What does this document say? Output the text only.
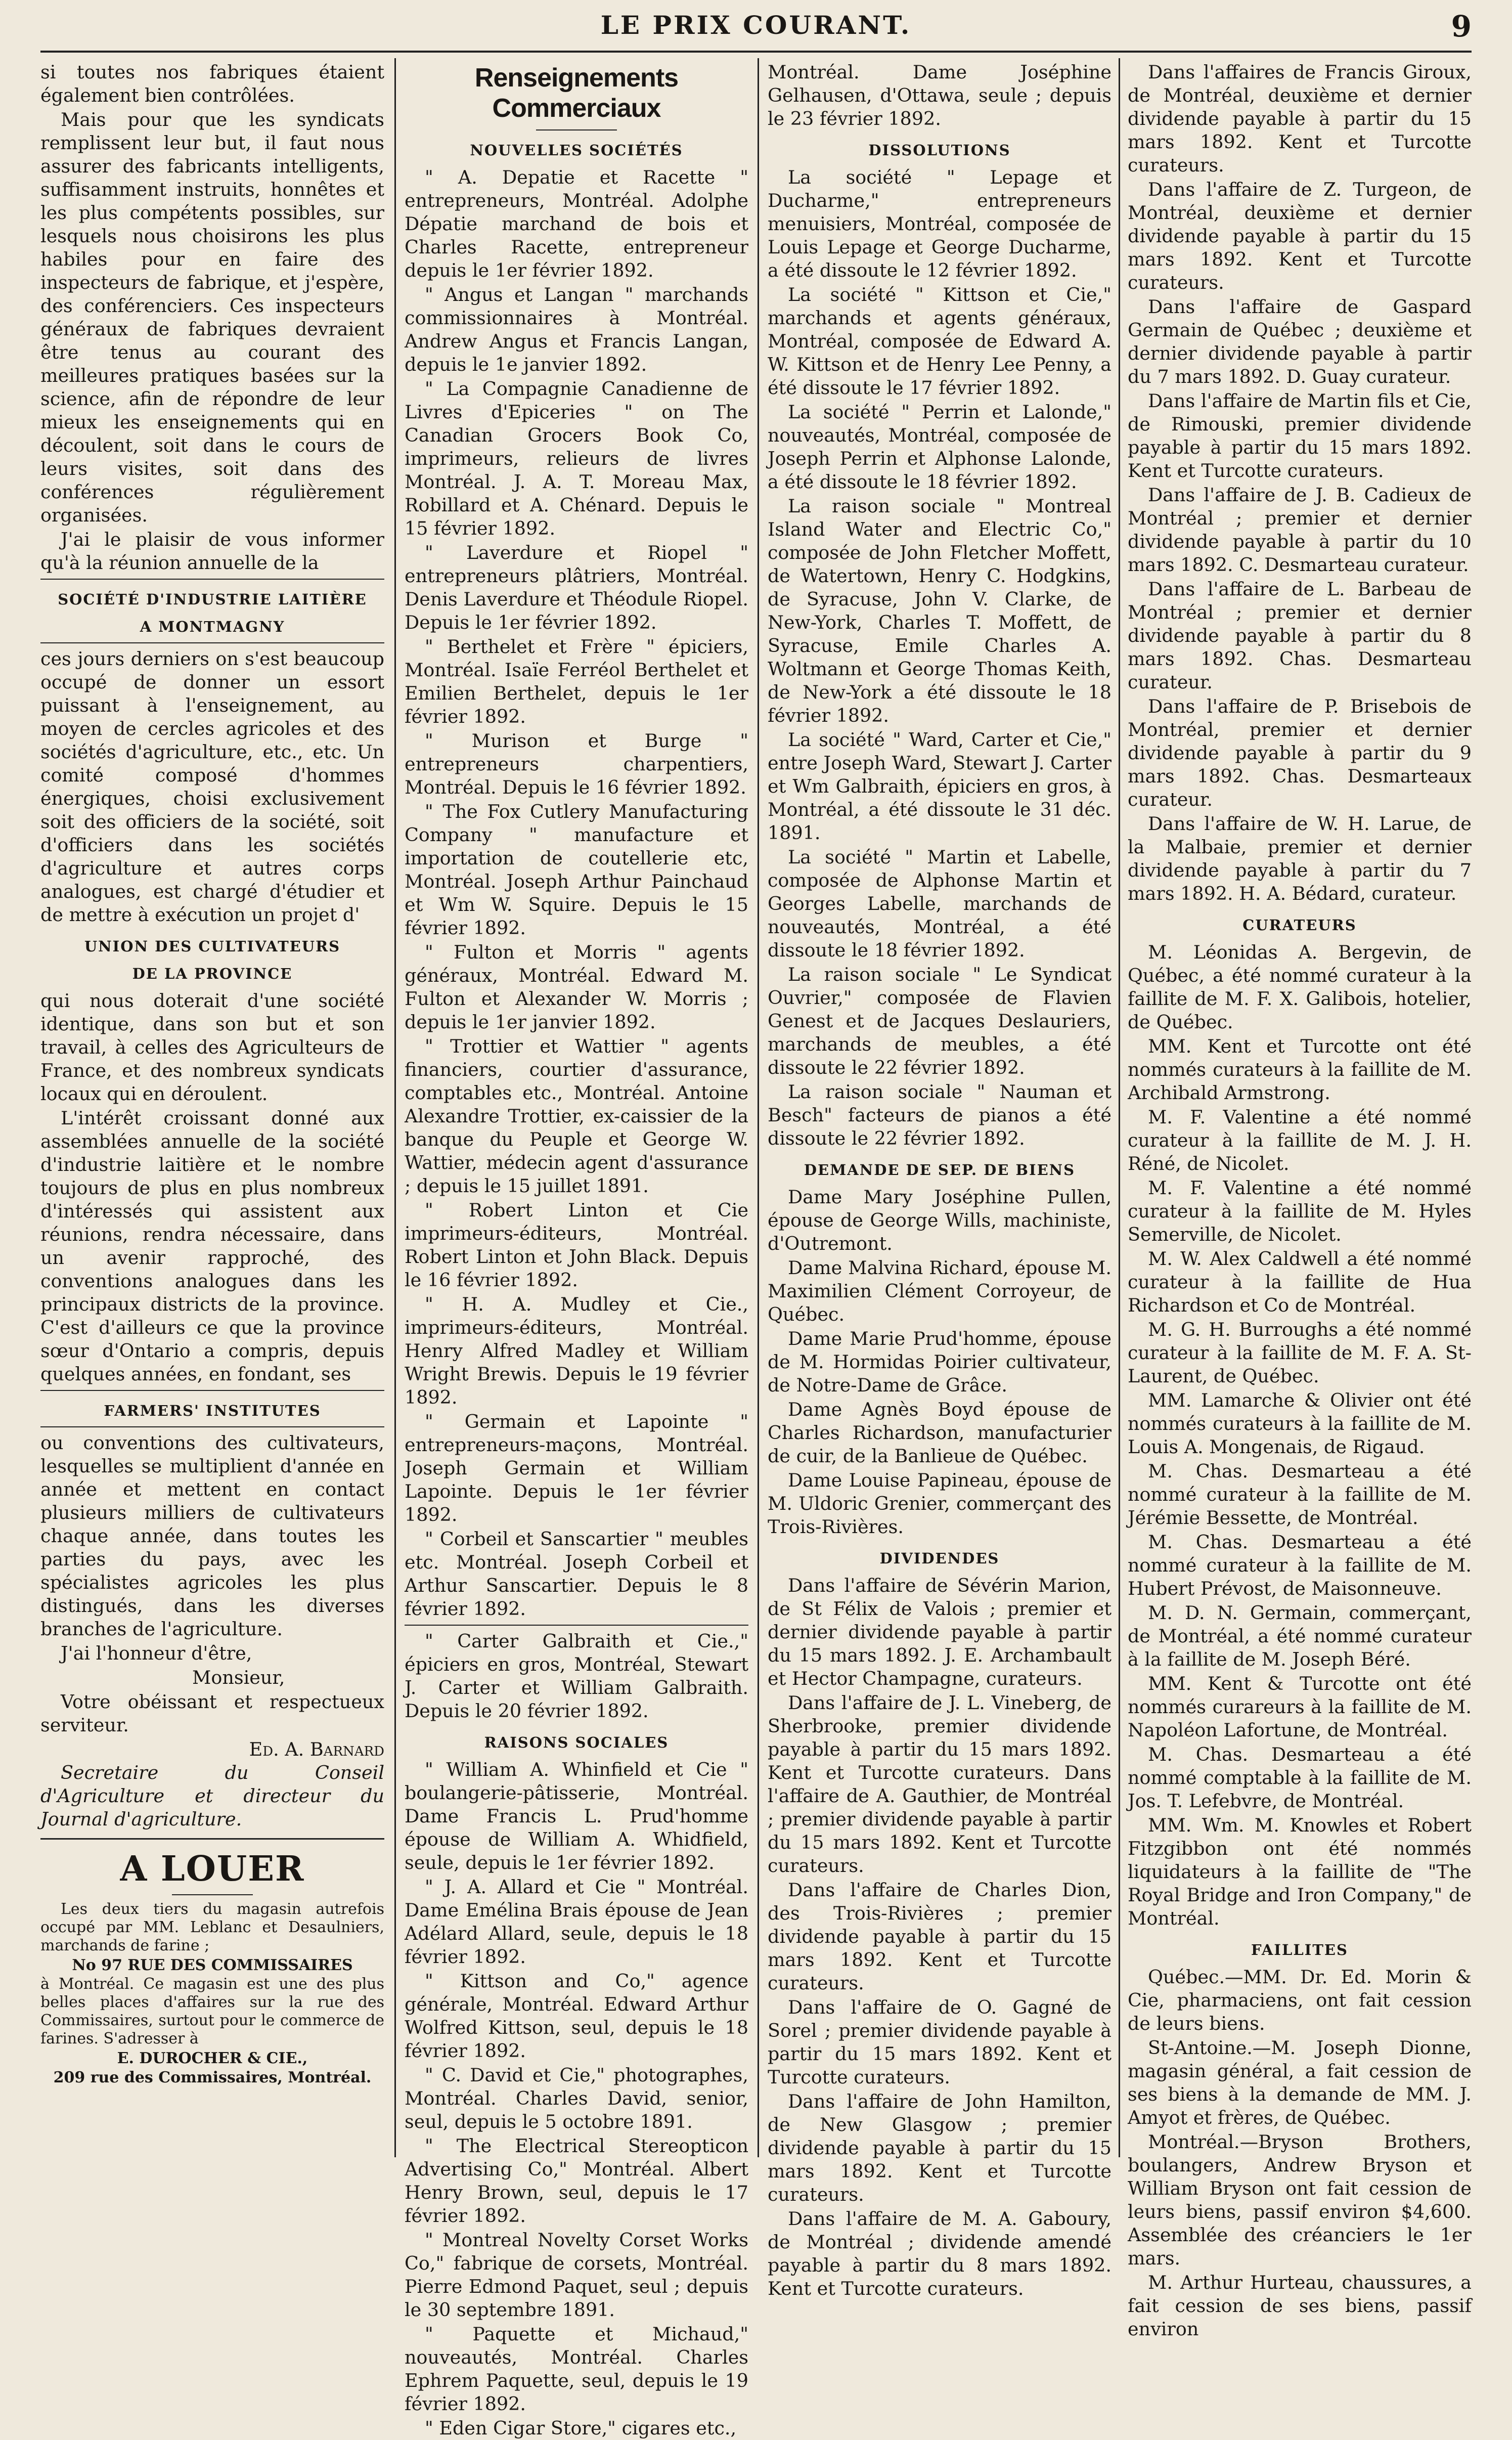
LE PRIX COURANT.	9

si toutes nos fabriques étaient également bien contrôlées.

Mais pour que les syndicats remplissent leur but, il faut nous assurer des fabricants intelligents, suffisamment instruits, honnêtes et les plus compétents possibles, sur lesquels nous choisirons les plus habiles pour en faire des inspecteurs de fabrique, et j'espère, des conférenciers. Ces inspecteurs généraux de fabriques devraient être tenus au courant des meilleures pratiques basées sur la science, afin de répondre de leur mieux les enseignements qui en découlent, soit dans le cours de leurs visites, soit dans des conférences régulièrement organisées.

J'ai le plaisir de vous informer qu'à la réunion annuelle de la

SOCIÉTÉ D'INDUSTRIE LAITIÈRE
A MONTMAGNY

ces jours derniers on s'est beaucoup occupé de donner un essort puissant à l'enseignement, au moyen de cercles agricoles et des sociétés d'agriculture, etc., etc. Un comité composé d'hommes énergiques, choisi exclusivement soit des officiers de la société, soit d'officiers dans les sociétés d'agriculture et autres corps analogues, est chargé d'étudier et de mettre à exécution un projet d'

UNION DES CULTIVATEURS
DE LA PROVINCE

qui nous doterait d'une société identique, dans son but et son travail, à celles des Agriculteurs de France, et des nombreux syndicats locaux qui en déroulent.

L'intérêt croissant donné aux assemblées annuelle de la société d'industrie laitière et le nombre toujours de plus en plus nombreux d'intéressés qui assistent aux réunions, rendra nécessaire, dans un avenir rapproché, des conventions analogues dans les principaux districts de la province. C'est d'ailleurs ce que la province sœur d'Ontario a compris, depuis quelques années, en fondant, ses

FARMERS' INSTITUTES

ou conventions des cultivateurs, lesquelles se multiplient d'année en année et mettent en contact plusieurs milliers de cultivateurs chaque année, dans toutes les parties du pays, avec les spécialistes agricoles les plus distingués, dans les diverses branches de l'agriculture.

J'ai l'honneur d'être,

Monsieur,

Votre obéissant et respectueux serviteur.

Ed. A. Barnard

Secretaire du Conseil d'Agriculture et directeur du Journal d'agriculture.

A LOUER

Les deux tiers du magasin autrefois occupé par MM. Leblanc et Desaulniers, marchands de farine ;

No 97 RUE DES COMMISSAIRES

à Montréal. Ce magasin est une des plus belles places d'affaires sur la rue des Commissaires, surtout pour le commerce de farines. S'adresser à

E. DUROCHER & CIE.,
209 rue des Commissaires, Montréal.
Renseignements Commerciaux
NOUVELLES SOCIÉTÉS

" A. Depatie et Racette " entrepreneurs, Montréal. Adolphe Dépatie marchand de bois et Charles Racette, entrepreneur depuis le 1er février 1892.

" Angus et Langan " marchands commissionnaires à Montréal. Andrew Angus et Francis Langan, depuis le 1e janvier 1892.

" La Compagnie Canadienne de Livres d'Epiceries " on The Canadian Grocers Book Co, imprimeurs, relieurs de livres Montréal. J. A. T. Moreau Max, Robillard et A. Chénard. Depuis le 15 février 1892.

" Laverdure et Riopel " entrepreneurs plâtriers, Montréal. Denis Laverdure et Théodule Riopel. Depuis le 1er février 1892.

" Berthelet et Frère " épiciers, Montréal. Isaïe Ferréol Berthelet et Emilien Berthelet, depuis le 1er février 1892.

" Murison et Burge " entrepreneurs charpentiers, Montréal. Depuis le 16 février 1892.

" The Fox Cutlery Manufacturing Company " manufacture et importation de coutellerie etc, Montréal. Joseph Arthur Painchaud et Wm W. Squire. Depuis le 15 février 1892.

" Fulton et Morris " agents généraux, Montréal. Edward M. Fulton et Alexander W. Morris ; depuis le 1er janvier 1892.

" Trottier et Wattier " agents financiers, courtier d'assurance, comptables etc., Montréal. Antoine Alexandre Trottier, ex-caissier de la banque du Peuple et George W. Wattier, médecin agent d'assurance ; depuis le 15 juillet 1891.

" Robert Linton et Cie imprimeurs-éditeurs, Montréal. Robert Linton et John Black. Depuis le 16 février 1892.

" H. A. Mudley et Cie., imprimeurs-éditeurs, Montréal. Henry Alfred Madley et William Wright Brewis. Depuis le 19 février 1892.

" Germain et Lapointe " entrepreneurs-maçons, Montréal. Joseph Germain et William Lapointe. Depuis le 1er février 1892.

" Corbeil et Sanscartier " meubles etc. Montréal. Joseph Corbeil et Arthur Sanscartier. Depuis le 8 février 1892.

" Carter Galbraith et Cie.," épiciers en gros, Montréal, Stewart J. Carter et William Galbraith. Depuis le 20 février 1892.

RAISONS SOCIALES

" William A. Whinfield et Cie " boulangerie-pâtisserie, Montréal. Dame Francis L. Prud'homme épouse de William A. Whidfield, seule, depuis le 1er février 1892.

" J. A. Allard et Cie " Montréal. Dame Emélina Brais épouse de Jean Adélard Allard, seule, depuis le 18 février 1892.

" Kittson and Co," agence générale, Montréal. Edward Arthur Wolfred Kittson, seul, depuis le 18 février 1892.

" C. David et Cie," photographes, Montréal. Charles David, senior, seul, depuis le 5 octobre 1891.

" The Electrical Stereopticon Advertising Co," Montréal. Albert Henry Brown, seul, depuis le 17 février 1892.

" Montreal Novelty Corset Works Co," fabrique de corsets, Montréal. Pierre Edmond Paquet, seul ; depuis le 30 septembre 1891.

" Paquette et Michaud," nouveautés, Montréal. Charles Ephrem Paquette, seul, depuis le 19 février 1892.

" Eden Cigar Store," cigares etc.,

Montréal. Dame Joséphine Gelhausen, d'Ottawa, seule ; depuis le 23 février 1892.

DISSOLUTIONS

La société " Lepage et Ducharme," entrepreneurs menuisiers, Montréal, composée de Louis Lepage et George Ducharme, a été dissoute le 12 février 1892.

La société " Kittson et Cie," marchands et agents généraux, Montréal, composée de Edward A. W. Kittson et de Henry Lee Penny, a été dissoute le 17 février 1892.

La société " Perrin et Lalonde," nouveautés, Montréal, composée de Joseph Perrin et Alphonse Lalonde, a été dissoute le 18 février 1892.

La raison sociale " Montreal Island Water and Electric Co," composée de John Fletcher Moffett, de Watertown, Henry C. Hodgkins, de Syracuse, John V. Clarke, de New-York, Charles T. Moffett, de Syracuse, Emile Charles A. Woltmann et George Thomas Keith, de New-York a été dissoute le 18 février 1892.

La société " Ward, Carter et Cie," entre Joseph Ward, Stewart J. Carter et Wm Galbraith, épiciers en gros, à Montréal, a été dissoute le 31 déc. 1891.

La société " Martin et Labelle, composée de Alphonse Martin et Georges Labelle, marchands de nouveautés, Montréal, a été dissoute le 18 février 1892.

La raison sociale " Le Syndicat Ouvrier," composée de Flavien Genest et de Jacques Deslauriers, marchands de meubles, a été dissoute le 22 février 1892.

La raison sociale " Nauman et Besch" facteurs de pianos a été dissoute le 22 février 1892.

DEMANDE DE SEP. DE BIENS

Dame Mary Joséphine Pullen, épouse de George Wills, machiniste, d'Outremont.

Dame Malvina Richard, épouse M. Maximilien Clément Corroyeur, de Québec.

Dame Marie Prud'homme, épouse de M. Hormidas Poirier cultivateur, de Notre-Dame de Grâce.

Dame Agnès Boyd épouse de Charles Richardson, manufacturier de cuir, de la Banlieue de Québec.

Dame Louise Papineau, épouse de M. Uldoric Grenier, commerçant des Trois-Rivières.

DIVIDENDES

Dans l'affaire de Sévérin Marion, de St Félix de Valois ; premier et dernier dividende payable à partir du 15 mars 1892. J. E. Archambault et Hector Champagne, curateurs.

Dans l'affaire de J. L. Vineberg, de Sherbrooke, premier dividende payable à partir du 15 mars 1892. Kent et Turcotte curateurs. Dans l'affaire de A. Gauthier, de Montréal ; premier dividende payable à partir du 15 mars 1892. Kent et Turcotte curateurs.

Dans l'affaire de Charles Dion, des Trois-Rivières ; premier dividende payable à partir du 15 mars 1892. Kent et Turcotte curateurs.

Dans l'affaire de O. Gagné de Sorel ; premier dividende payable à partir du 15 mars 1892. Kent et Turcotte curateurs.

Dans l'affaire de John Hamilton, de New Glasgow ; premier dividende payable à partir du 15 mars 1892. Kent et Turcotte curateurs.

Dans l'affaire de M. A. Gaboury, de Montréal ; dividende amendé payable à partir du 8 mars 1892. Kent et Turcotte curateurs.

Dans l'affaires de Francis Giroux, de Montréal, deuxième et dernier dividende payable à partir du 15 mars 1892. Kent et Turcotte curateurs.

Dans l'affaire de Z. Turgeon, de Montréal, deuxième et dernier dividende payable à partir du 15 mars 1892. Kent et Turcotte curateurs.

Dans l'affaire de Gaspard Germain de Québec ; deuxième et dernier dividende payable à partir du 7 mars 1892. D. Guay curateur.

Dans l'affaire de Martin fils et Cie, de Rimouski, premier dividende payable à partir du 15 mars 1892. Kent et Turcotte curateurs.

Dans l'affaire de J. B. Cadieux de Montréal ; premier et dernier dividende payable à partir du 10 mars 1892. C. Desmarteau curateur.

Dans l'affaire de L. Barbeau de Montréal ; premier et dernier dividende payable à partir du 8 mars 1892. Chas. Desmarteau curateur.

Dans l'affaire de P. Brisebois de Montréal, premier et dernier dividende payable à partir du 9 mars 1892. Chas. Desmarteaux curateur.

Dans l'affaire de W. H. Larue, de la Malbaie, premier et dernier dividende payable à partir du 7 mars 1892. H. A. Bédard, curateur.

CURATEURS

M. Léonidas A. Bergevin, de Québec, a été nommé curateur à la faillite de M. F. X. Galibois, hotelier, de Québec.

MM. Kent et Turcotte ont été nommés curateurs à la faillite de M. Archibald Armstrong.

M. F. Valentine a été nommé curateur à la faillite de M. J. H. Réné, de Nicolet.

M. F. Valentine a été nommé curateur à la faillite de M. Hyles Semerville, de Nicolet.

M. W. Alex Caldwell a été nommé curateur à la faillite de Hua Richardson et Co de Montréal.

M. G. H. Burroughs a été nommé curateur à la faillite de M. F. A. St-Laurent, de Québec.

MM. Lamarche & Olivier ont été nommés curateurs à la faillite de M. Louis A. Mongenais, de Rigaud.

M. Chas. Desmarteau a été nommé curateur à la faillite de M. Jérémie Bessette, de Montréal.

M. Chas. Desmarteau a été nommé curateur à la faillite de M. Hubert Prévost, de Maisonneuve.

M. D. N. Germain, commerçant, de Montréal, a été nommé curateur à la faillite de M. Joseph Béré.

MM. Kent & Turcotte ont été nommés curareurs à la faillite de M. Napoléon Lafortune, de Montréal.

M. Chas. Desmarteau a été nommé comptable à la faillite de M. Jos. T. Lefebvre, de Montréal.

MM. Wm. M. Knowles et Robert Fitzgibbon ont été nommés liquidateurs à la faillite de "The Royal Bridge and Iron Company," de Montréal.

FAILLITES

Québec.—MM. Dr. Ed. Morin & Cie, pharmaciens, ont fait cession de leurs biens.

St-Antoine.—M. Joseph Dionne, magasin général, a fait cession de ses biens à la demande de MM. J. Amyot et frères, de Québec.

Montréal.—Bryson Brothers, boulangers, Andrew Bryson et William Bryson ont fait cession de leurs biens, passif environ $4,600. Assemblée des créanciers le 1er mars.

M. Arthur Hurteau, chaussures, a fait cession de ses biens, passif environ
